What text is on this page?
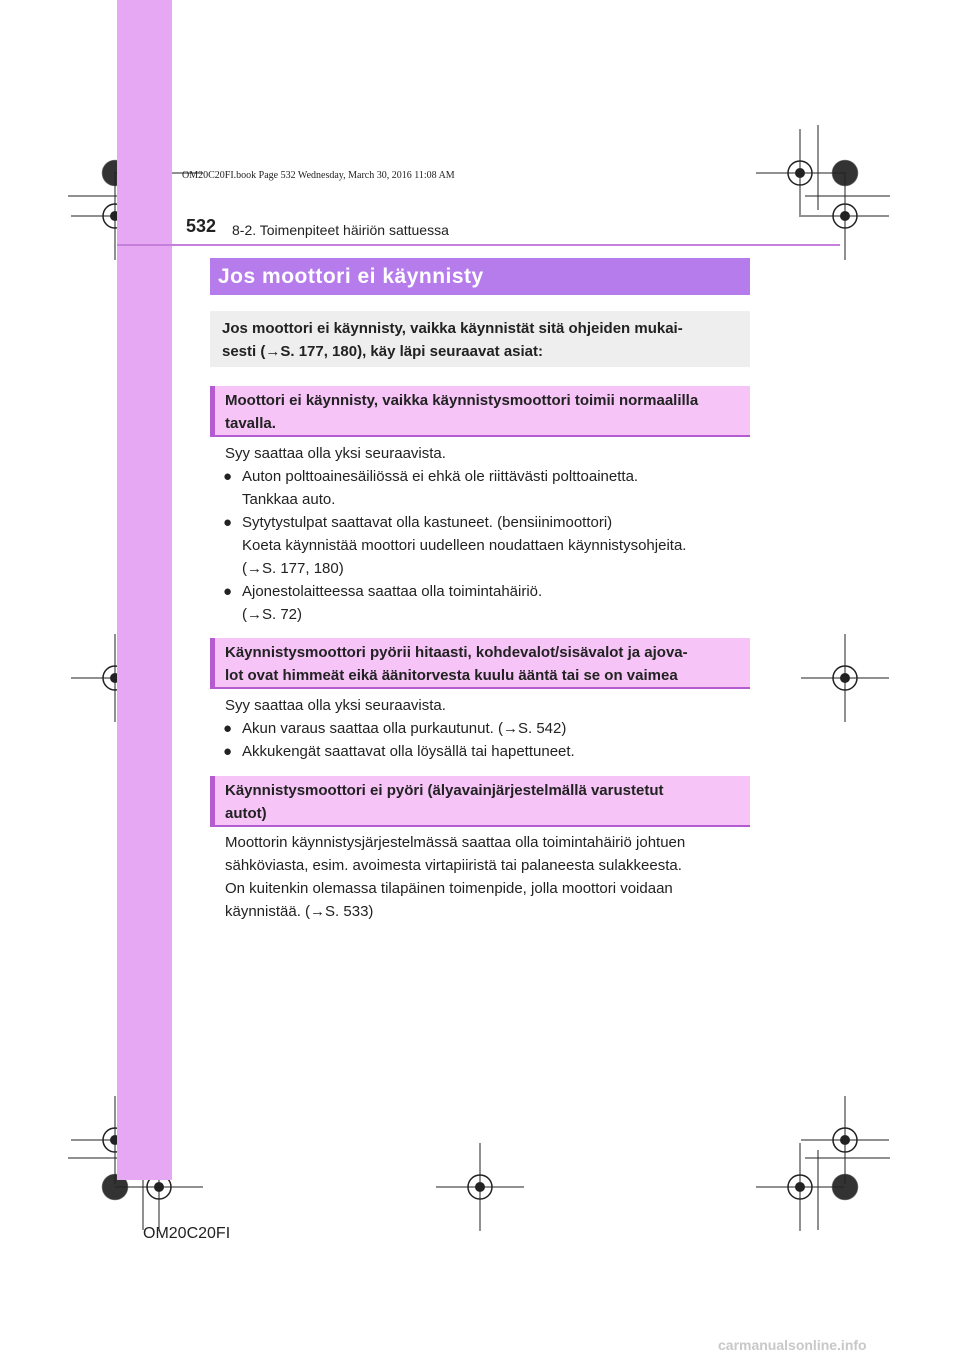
OM20C20FI.book Page 532 Wednesday, March 30, 2016 11:08 AM
532 8-2. Toimenpiteet häiriön sattuessa
Jos moottori ei käynnisty
Jos moottori ei käynnisty, vaikka käynnistät sitä ohjeiden mukai-
sesti (→S. 177, 180), käy läpi seuraavat asiat:
Moottori ei käynnisty, vaikka käynnistysmoottori toimii normaalilla
tavalla.
Syy saattaa olla yksi seuraavista.
● Auton polttoainesäiliössä ei ehkä ole riittävästi polttoainetta.
Tankkaa auto.
● Sytytystulpat saattavat olla kastuneet. (bensiinimoottori)
Koeta käynnistää moottori uudelleen noudattaen käynnistysohjeita.
(→S. 177, 180)
● Ajonestolaitteessa saattaa olla toimintahäiriö.
(→S. 72)
Käynnistysmoottori pyörii hitaasti, kohdevalot/sisävalot ja ajova-
lot ovat himmeät eikä äänitorvesta kuulu ääntä tai se on vaimea
Syy saattaa olla yksi seuraavista.
● Akun varaus saattaa olla purkautunut. (→S. 542)
● Akkukengät saattavat olla löysällä tai hapettuneet.
Käynnistysmoottori ei pyöri (älyavainjärjestelmällä varustetut
autot)
Moottorin käynnistysjärjestelmässä saattaa olla toimintahäiriö johtuen
sähköviasta, esim. avoimesta virtapiiristä tai palaneesta sulakkeesta.
On kuitenkin olemassa tilapäinen toimenpide, jolla moottori voidaan
käynnistää. (→S. 533)
OM20C20FI
carmanualsonline.info
